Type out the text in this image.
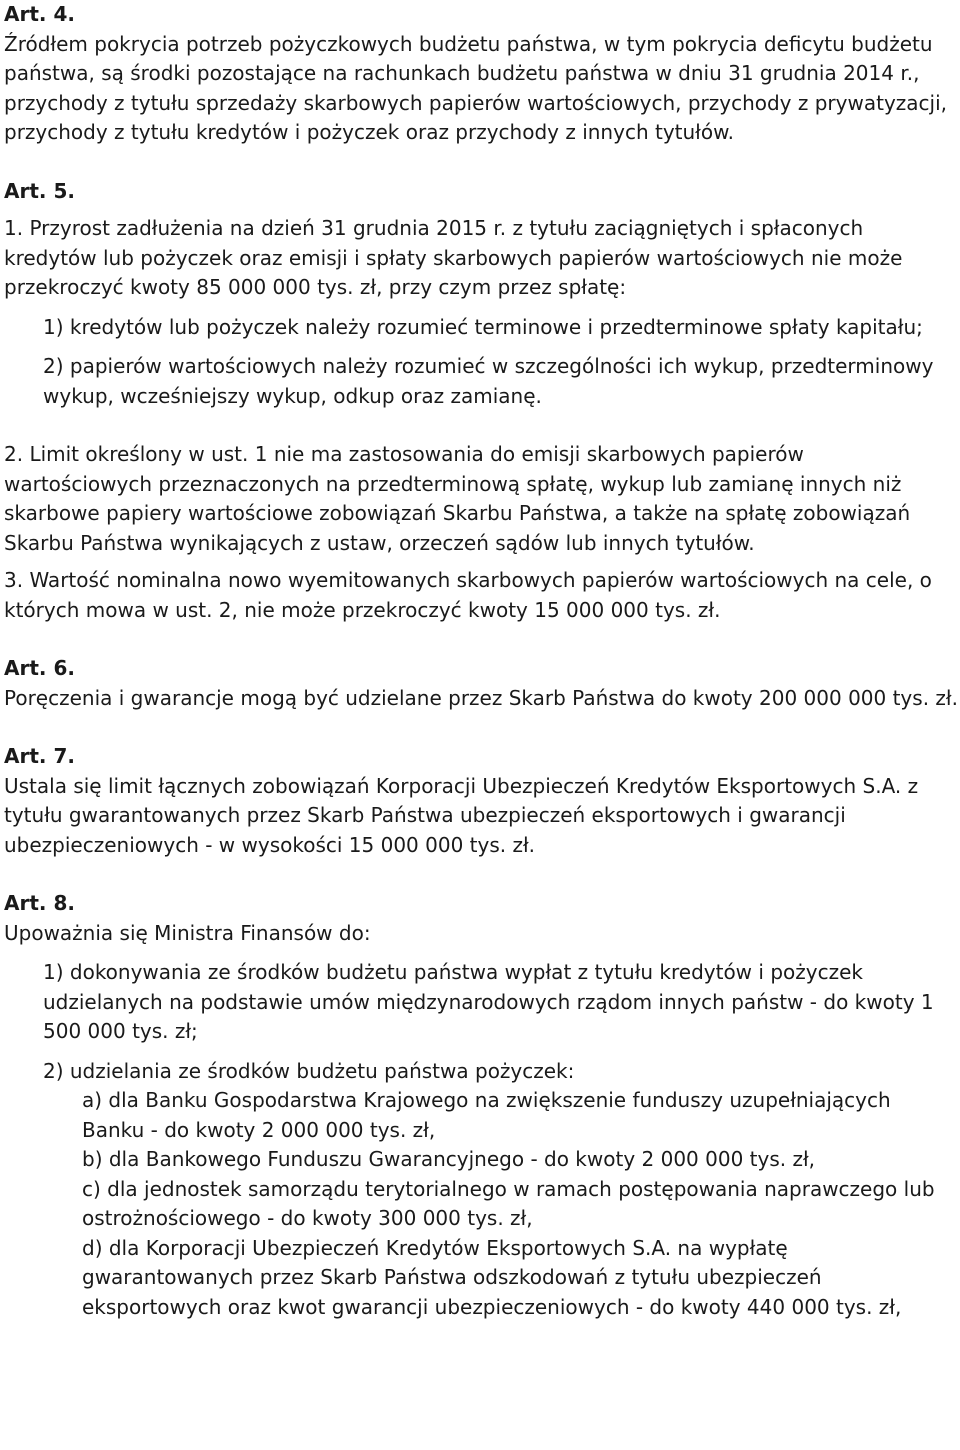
Art. 4.

Źródłem pokrycia potrzeb pożyczkowych budżetu państwa, w tym pokrycia deficytu budżetu państwa, są środki pozostające na rachunkach budżetu państwa w dniu 31 grudnia 2014 r., przychody z tytułu sprzedaży skarbowych papierów wartościowych, przychody z prywatyzacji, przychody z tytułu kredytów i pożyczek oraz przychody z innych tytułów.

Art. 5.

1. Przyrost zadłużenia na dzień 31 grudnia 2015 r. z tytułu zaciągniętych i spłaconych kredytów lub pożyczek oraz emisji i spłaty skarbowych papierów wartościowych nie może przekroczyć kwoty 85 000 000 tys. zł, przy czym przez spłatę:

1) kredytów lub pożyczek należy rozumieć terminowe i przedterminowe spłaty kapitału;

2) papierów wartościowych należy rozumieć w szczególności ich wykup, przedterminowy wykup, wcześniejszy wykup, odkup oraz zamianę.

2. Limit określony w ust. 1 nie ma zastosowania do emisji skarbowych papierów wartościowych przeznaczonych na przedterminową spłatę, wykup lub zamianę innych niż skarbowe papiery wartościowe zobowiązań Skarbu Państwa, a także na spłatę zobowiązań Skarbu Państwa wynikających z ustaw, orzeczeń sądów lub innych tytułów.

3. Wartość nominalna nowo wyemitowanych skarbowych papierów wartościowych na cele, o których mowa w ust. 2, nie może przekroczyć kwoty 15 000 000 tys. zł.

Art. 6.

Poręczenia i gwarancje mogą być udzielane przez Skarb Państwa do kwoty 200 000 000 tys. zł.

Art. 7.

Ustala się limit łącznych zobowiązań Korporacji Ubezpieczeń Kredytów Eksportowych S.A. z tytułu gwarantowanych przez Skarb Państwa ubezpieczeń eksportowych i gwarancji ubezpieczeniowych - w wysokości 15 000 000 tys. zł.

Art. 8.

Upoważnia się Ministra Finansów do:

1) dokonywania ze środków budżetu państwa wypłat z tytułu kredytów i pożyczek udzielanych na podstawie umów międzynarodowych rządom innych państw - do kwoty 1 500 000 tys. zł;

2) udzielania ze środków budżetu państwa pożyczek:

a) dla Banku Gospodarstwa Krajowego na zwiększenie funduszy uzupełniających Banku - do kwoty 2 000 000 tys. zł,

b) dla Bankowego Funduszu Gwarancyjnego - do kwoty 2 000 000 tys. zł,

c) dla jednostek samorządu terytorialnego w ramach postępowania naprawczego lub ostrożnościowego - do kwoty 300 000 tys. zł,

d) dla Korporacji Ubezpieczeń Kredytów Eksportowych S.A. na wypłatę gwarantowanych przez Skarb Państwa odszkodowań z tytułu ubezpieczeń eksportowych oraz kwot gwarancji ubezpieczeniowych - do kwoty 440 000 tys. zł,
